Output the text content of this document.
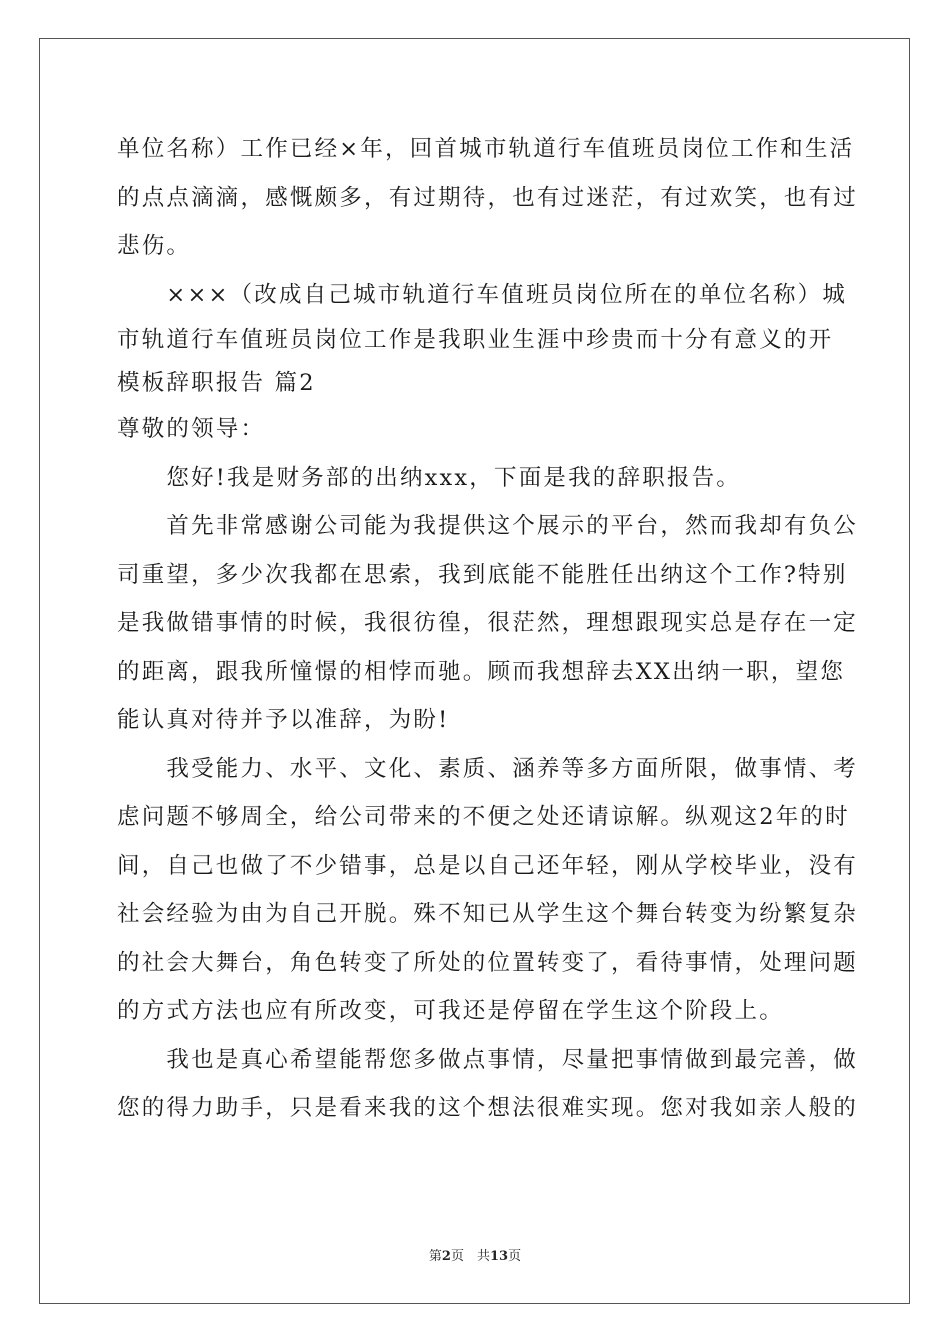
单位名称）工作已经×年，回首城市轨道行车值班员岗位工作和生活
的点点滴滴，感慨颇多，有过期待，也有过迷茫，有过欢笑，也有过
悲伤。
　　×××（改成自己城市轨道行车值班员岗位所在的单位名称）城
市轨道行车值班员岗位工作是我职业生涯中珍贵而十分有意义的开
模板辞职报告 篇2
尊敬的领导：
　　您好!我是财务部的出纳xxx，下面是我的辞职报告。
　　首先非常感谢公司能为我提供这个展示的平台，然而我却有负公
司重望，多少次我都在思索，我到底能不能胜任出纳这个工作?特别
是我做错事情的时候，我很彷徨，很茫然，理想跟现实总是存在一定
的距离，跟我所憧憬的相悖而驰。顾而我想辞去XX出纳一职，望您
能认真对待并予以准辞，为盼!
　　我受能力、水平、文化、素质、涵养等多方面所限，做事情、考
虑问题不够周全，给公司带来的不便之处还请谅解。纵观这2年的时
间，自己也做了不少错事，总是以自己还年轻，刚从学校毕业，没有
社会经验为由为自己开脱。殊不知已从学生这个舞台转变为纷繁复杂
的社会大舞台，角色转变了所处的位置转变了，看待事情，处理问题
的方式方法也应有所改变，可我还是停留在学生这个阶段上。
　　我也是真心希望能帮您多做点事情，尽量把事情做到最完善，做
您的得力助手，只是看来我的这个想法很难实现。您对我如亲人般的
第2页　共13页
